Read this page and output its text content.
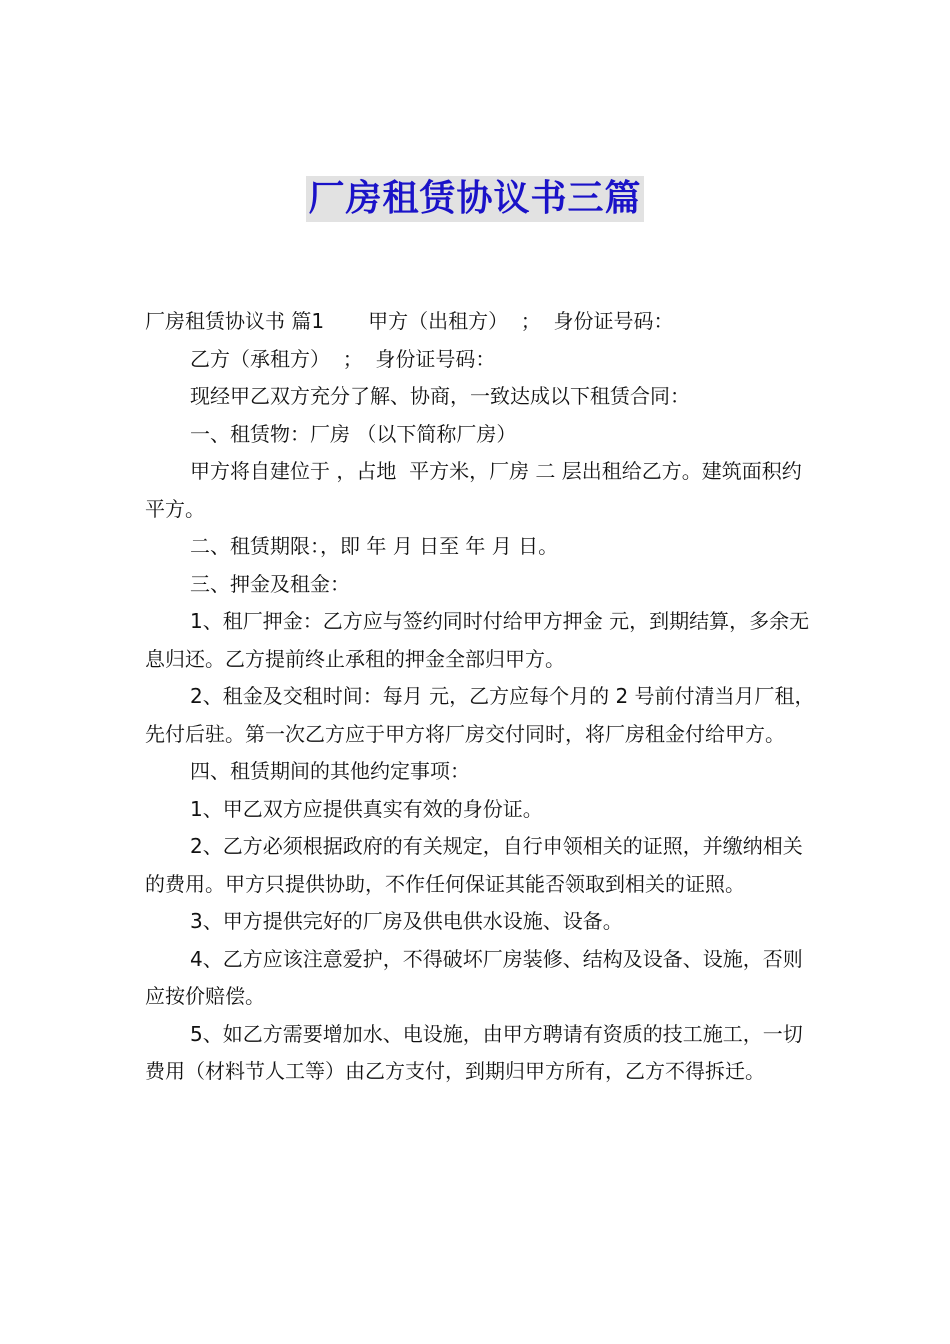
厂房租赁协议书三篇

厂房租赁协议书 篇1 甲方（出租方）  ；  身份证号码：

乙方（承租方）  ；  身份证号码：

现经甲乙双方充分了解、协商，一致达成以下租赁合同：

一、租赁物：厂房 （以下简称厂房）

甲方将自建位于 ，占地  平方米，厂房 二 层出租给乙方。建筑面积约 平方。

二、租赁期限：，即 年 月 日至 年 月 日。

三、押金及租金：

1、租厂押金：乙方应与签约同时付给甲方押金 元，到期结算，多余无息归还。乙方提前终止承租的押金全部归甲方。

2、租金及交租时间：每月 元，乙方应每个月的 2 号前付清当月厂租，先付后驻。第一次乙方应于甲方将厂房交付同时，将厂房租金付给甲方。

四、租赁期间的其他约定事项：

1、甲乙双方应提供真实有效的身份证。

2、乙方必须根据政府的有关规定，自行申领相关的证照，并缴纳相关的费用。甲方只提供协助，不作任何保证其能否领取到相关的证照。

3、甲方提供完好的厂房及供电供水设施、设备。

4、乙方应该注意爱护，不得破坏厂房装修、结构及设备、设施，否则应按价赔偿。

5、如乙方需要增加水、电设施，由甲方聘请有资质的技工施工，一切费用（材料节人工等）由乙方支付，到期归甲方所有，乙方不得拆迁。
